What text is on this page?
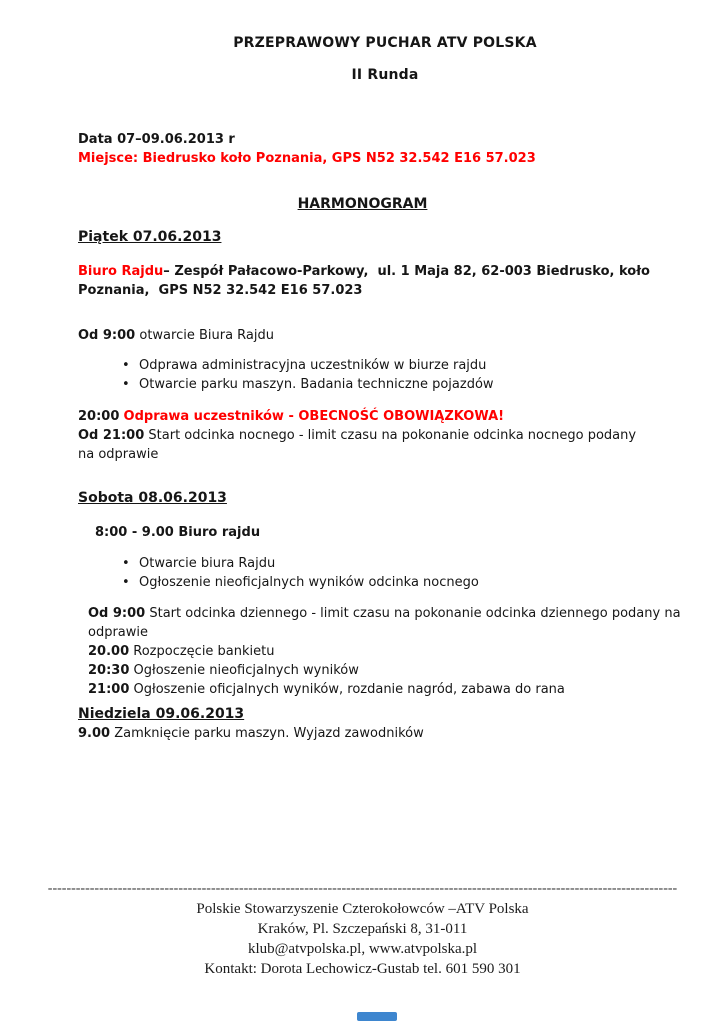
PRZEPRAWOWY PUCHAR ATV POLSKA
II Runda
Data 07–09.06.2013 r
Miejsce: Biedrusko koło Poznania, GPS N52 32.542 E16 57.023
HARMONOGRAM
Piątek 07.06.2013
Biuro Rajdu– Zespół Pałacowo-Parkowy,  ul. 1 Maja 82, 62-003 Biedrusko, koło Poznania,  GPS N52 32.542 E16 57.023
Od 9:00 otwarcie Biura Rajdu
• Odprawa administracyjna uczestników w biurze rajdu
• Otwarcie parku maszyn. Badania techniczne pojazdów
20:00 Odprawa uczestników - OBECNOŚĆ OBOWIĄZKOWA!
Od 21:00 Start odcinka nocnego - limit czasu na pokonanie odcinka nocnego podany na odprawie
Sobota 08.06.2013
8:00 - 9.00 Biuro rajdu
• Otwarcie biura Rajdu
• Ogłoszenie nieoficjalnych wyników odcinka nocnego
Od 9:00 Start odcinka dziennego - limit czasu na pokonanie odcinka dziennego podany na odprawie
20.00 Rozpoczęcie bankietu
20:30 Ogłoszenie nieoficjalnych wyników
21:00 Ogłoszenie oficjalnych wyników, rozdanie nagród, zabawa do rana
Niedziela 09.06.2013
9.00 Zamknięcie parku maszyn. Wyjazd zawodników
---------------------------------------------------------------------------------------------------------------------------------------
Polskie Stowarzyszenie Czterokołowców –ATV Polska
Kraków, Pl. Szczepański 8, 31-011
klub@atvpolska.pl, www.atvpolska.pl
Kontakt: Dorota Lechowicz-Gustab tel. 601 590 301
